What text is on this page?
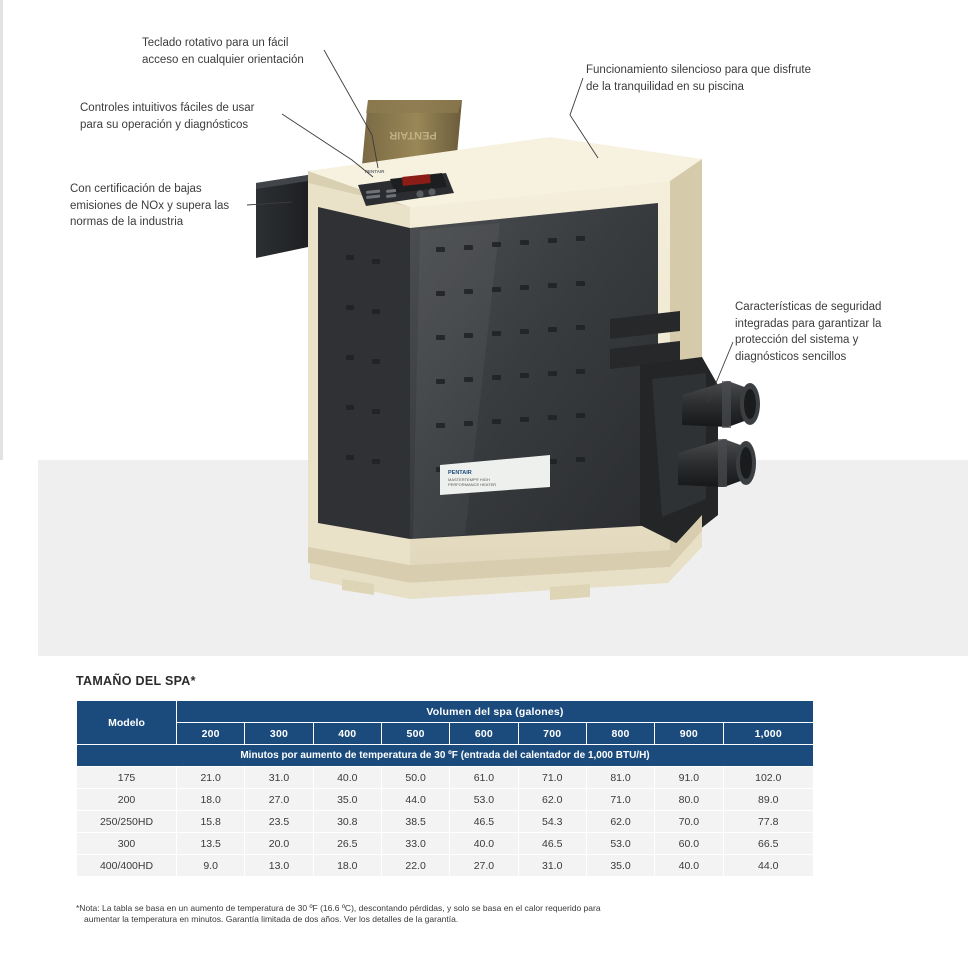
PENTAIR
PENTAIR
MASTERTEMP® HIGH
PERFORMANCE HEATER
PENTAIR
Teclado rotativo para un fácil acceso en cualquier orientación
Controles intuitivos fáciles de usar para su operación y diagnósticos
Con certificación de bajas emisiones de NOx y supera las normas de la industria
Funcionamiento silencioso para que disfrute de la tranquilidad en su piscina
Características de seguridad integradas para garantizar la protección del sistema y diagnósticos sencillos
TAMAÑO DEL SPA*
Modelo	Volumen del spa (galones)								
	200	300	400	500	600	700	800	900	1,000
Minutos por aumento de temperatura de 30 ºF (entrada del calentador de 1,000 BTU/H)									
175	21.0	31.0	40.0	50.0	61.0	71.0	81.0	91.0	102.0
200	18.0	27.0	35.0	44.0	53.0	62.0	71.0	80.0	89.0
250/250HD	15.8	23.5	30.8	38.5	46.5	54.3	62.0	70.0	77.8
300	13.5	20.0	26.5	33.0	40.0	46.5	53.0	60.0	66.5
400/400HD	9.0	13.0	18.0	22.0	27.0	31.0	35.0	40.0	44.0
*Nota: La tabla se basa en un aumento de temperatura de 30 ºF (16.6 ºC), descontando pérdidas, y solo se basa en el calor requerido para
aumentar la temperatura en minutos. Garantía limitada de dos años. Ver los detalles de la garantía.
